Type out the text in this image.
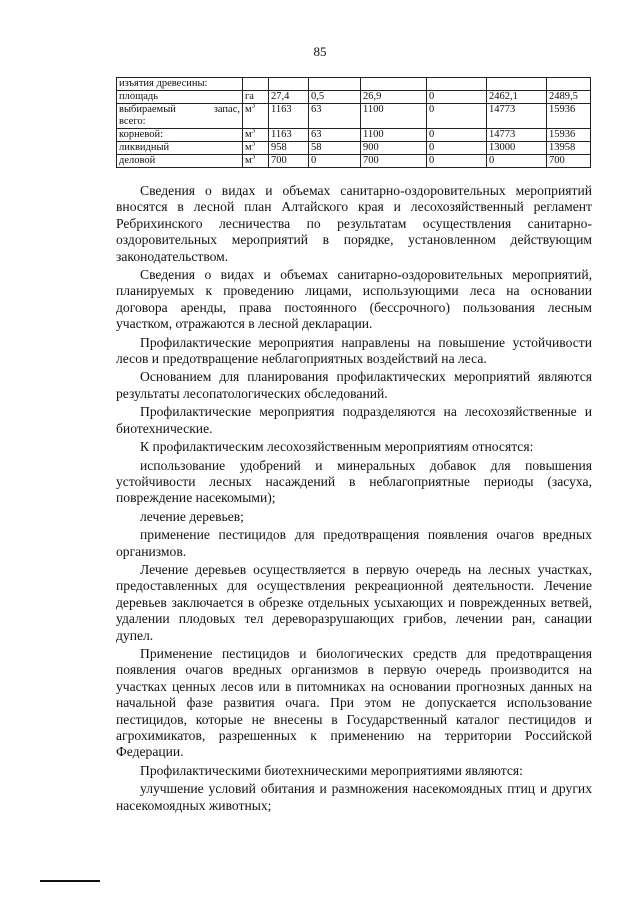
85
изъятия древесины:							
площадь	га	27,4	0,5	26,9	0	2462,1	2489,5

выбираемый запас,
всего:	$м^3$	1163	63	1100	0	14773	15936
корневой:	$м^3$	1163	63	1100	0	14773	15936
ликвидный	$м^3$	958	58	900	0	13000	13958
деловой	$м^3$	700	0	700	0	0	700

Сведения о видах и объемах санитарно-оздоровительных мероприятий вносятся в лесной план Алтайского края и лесохозяйственный регламент Ребрихинского лесничества по результатам осуществления санитарно-оздоровительных мероприятий в порядке, установленном действующим законодательством.

Сведения о видах и объемах санитарно-оздоровительных мероприятий, планируемых к проведению лицами, использующими леса на основании договора аренды, права постоянного (бессрочного) пользования лесным участком, отражаются в лесной декларации.

Профилактические мероприятия направлены на повышение устойчивости лесов и предотвращение неблагоприятных воздействий на леса.

Основанием для планирования профилактических мероприятий являются результаты лесопатологических обследований.

Профилактические мероприятия подразделяются на лесохозяйственные и биотехнические.

К профилактическим лесохозяйственным мероприятиям относятся:

использование удобрений и минеральных добавок для повышения устойчивости лесных насаждений в неблагоприятные периоды (засуха, повреждение насекомыми);

лечение деревьев;

применение пестицидов для предотвращения появления очагов вредных организмов.

Лечение деревьев осуществляется в первую очередь на лесных участках, предоставленных для осуществления рекреационной деятельности. Лечение деревьев заключается в обрезке отдельных усыхающих и поврежденных ветвей, удалении плодовых тел дереворазрушающих грибов, лечении ран, санации дупел.

Применение пестицидов и биологических средств для предотвращения появления очагов вредных организмов в первую очередь производится на участках ценных лесов или в питомниках на основании прогнозных данных на начальной фазе развития очага. При этом не допускается использование пестицидов, которые не внесены в Государственный каталог пестицидов и агрохимикатов, разрешенных к применению на территории Российской Федерации.

Профилактическими биотехническими мероприятиями являются:

улучшение условий обитания и размножения насекомоядных птиц и других насекомоядных животных;
